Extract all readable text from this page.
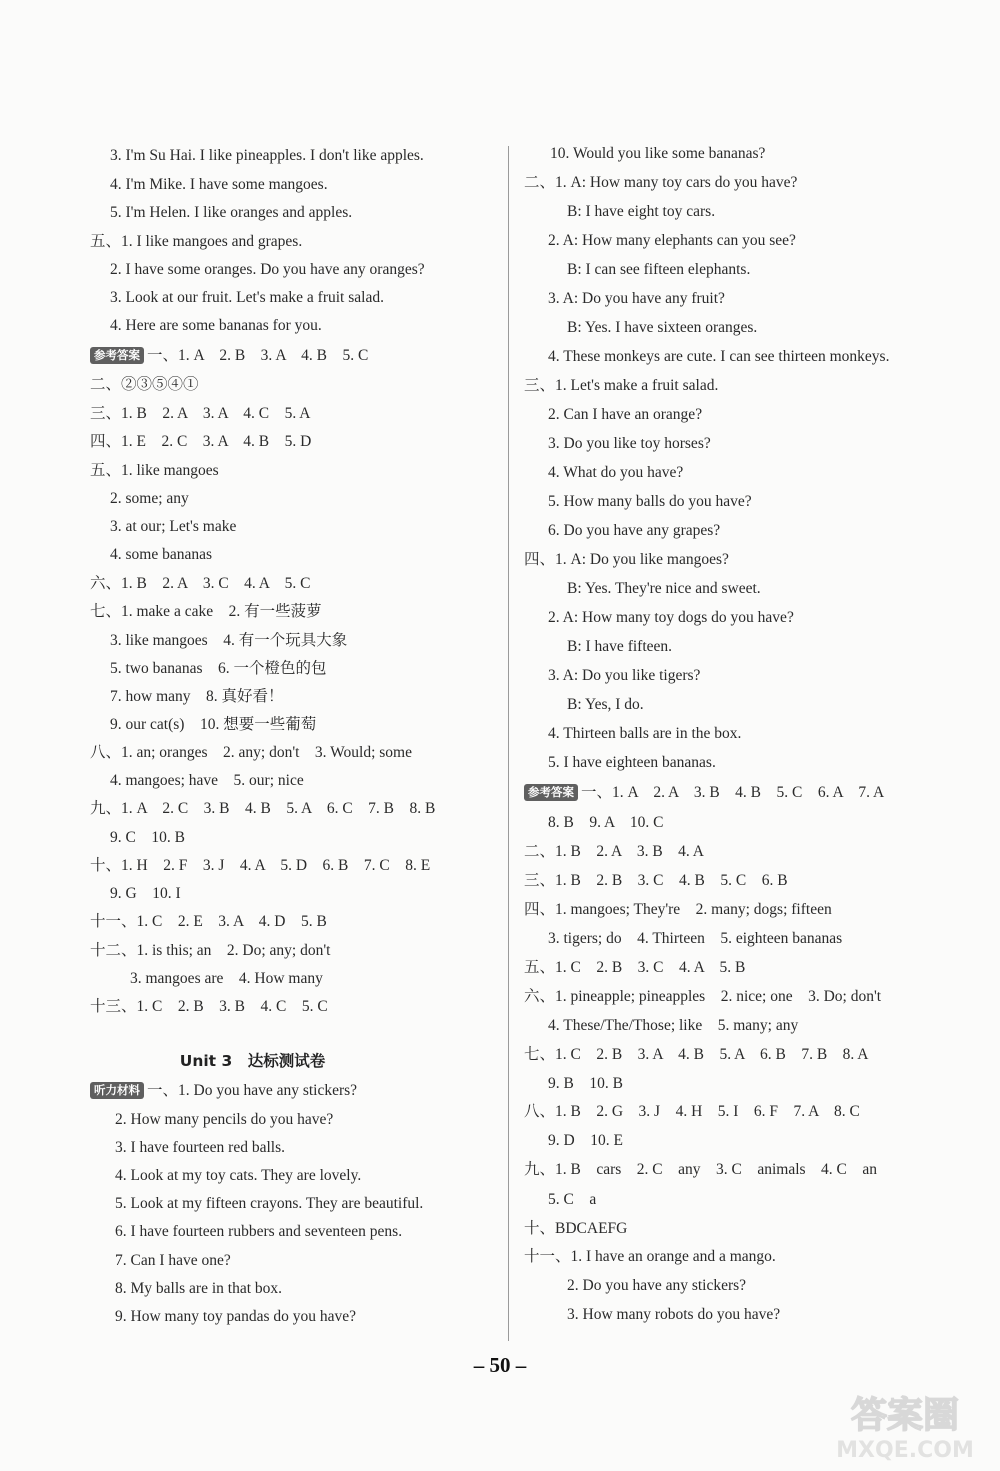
3. I'm Su Hai. I like pineapples. I don't like apples.
4. I'm Mike. I have some mangoes.
5. I'm Helen. I like oranges and apples.
五、1. I like mangoes and grapes.
2. I have some oranges. Do you have any oranges?
3. Look at our fruit. Let's make a fruit salad.
4. Here are some bananas for you.
参考答案 一、1. A　2. B　3. A　4. B　5. C
二、②③⑤④①
三、1. B　2. A　3. A　4. C　5. A
四、1. E　2. C　3. A　4. B　5. D
五、1. like mangoes
2. some; any
3. at our; Let's make
4. some bananas
六、1. B　2. A　3. C　4. A　5. C
七、1. make a cake　2. 有一些菠萝
3. like mangoes　4. 有一个玩具大象
5. two bananas　6. 一个橙色的包
7. how many　8. 真好看！
9. our cat(s)　10. 想要一些葡萄
八、1. an; oranges　2. any; don't　3. Would; some
4. mangoes; have　5. our; nice
九、1. A　2. C　3. B　4. B　5. A　6. C　7. B　8. B
9. C　10. B
十、1. H　2. F　3. J　4. A　5. D　6. B　7. C　8. E
9. G　10. I
十一、1. C　2. E　3. A　4. D　5. B
十二、1. is this; an　2. Do; any; don't
3. mangoes are　4. How many
十三、1. C　2. B　3. B　4. C　5. C
听力材料 一、1. Do you have any stickers?
2. How many pencils do you have?
3. I have fourteen red balls.
4. Look at my toy cats. They are lovely.
5. Look at my fifteen crayons. They are beautiful.
6. I have fourteen rubbers and seventeen pens.
7. Can I have one?
8. My balls are in that box.
9. How many toy pandas do you have?
10. Would you like some bananas?
二、1. A: How many toy cars do you have?
B: I have eight toy cars.
2. A: How many elephants can you see?
B: I can see fifteen elephants.
3. A: Do you have any fruit?
B: Yes. I have sixteen oranges.
4. These monkeys are cute. I can see thirteen monkeys.
三、1. Let's make a fruit salad.
2. Can I have an orange?
3. Do you like toy horses?
4. What do you have?
5. How many balls do you have?
6. Do you have any grapes?
四、1. A: Do you like mangoes?
B: Yes. They're nice and sweet.
2. A: How many toy dogs do you have?
B: I have fifteen.
3. A: Do you like tigers?
B: Yes, I do.
4. Thirteen balls are in the box.
5. I have eighteen bananas.
参考答案 一、1. A　2. A　3. B　4. B　5. C　6. A　7. A
8. B　9. A　10. C
二、1. B　2. A　3. B　4. A
三、1. B　2. B　3. C　4. B　5. C　6. B
四、1. mangoes; They're　2. many; dogs; fifteen
3. tigers; do　4. Thirteen　5. eighteen bananas
五、1. C　2. B　3. C　4. A　5. B
六、1. pineapple; pineapples　2. nice; one　3. Do; don't
4. These/The/Those; like　5. many; any
七、1. C　2. B　3. A　4. B　5. A　6. B　7. B　8. A
9. B　10. B
八、1. B　2. G　3. J　4. H　5. I　6. F　7. A　8. C
9. D　10. E
九、1. B　cars　2. C　any　3. C　animals　4. C　an
5. C　a
十、BDCAEFG
十一、1. I have an orange and a mango.
2. Do you have any stickers?
3. How many robots do you have?
Unit 3　达标测试卷
– 50 –
答案圈
MXQE.COM
